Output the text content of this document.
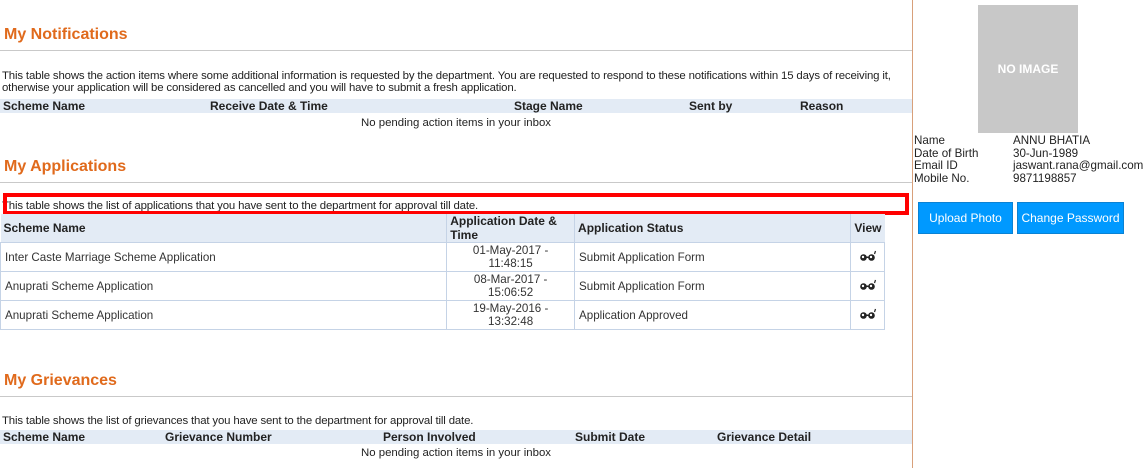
My Notifications
This table shows the action items where some additional information is requested by the department. You are requested to respond to these notifications within 15 days of receiving it, otherwise your application will be considered as cancelled and you will have to submit a fresh application.
Scheme Name	Receive Date & Time	Stage Name	Sent by	Reason
No pending action items in your inbox
My Applications
This table shows the list of applications that you have sent to the department for approval till date.
Scheme Name	Application Date & Time	Application Status	View
Inter Caste Marriage Scheme Application	01-May-2017 - 11:48:15	Submit Application Form	
Anuprati Scheme Application	08-Mar-2017 - 15:06:52	Submit Application Form	
Anuprati Scheme Application	19-May-2016 - 13:32:48	Application Approved	
My Grievances
This table shows the list of grievances that you have sent to the department for approval till date.
Scheme Name	Grievance Number	Person Involved	Submit Date	Grievance Detail
No pending action items in your inbox
NO IMAGE
Name	ANNU BHATIA
Date of Birth	30-Jun-1989
Email ID	jaswant.rana@gmail.com
Mobile No.	9871198857
Upload Photo	Change Password
